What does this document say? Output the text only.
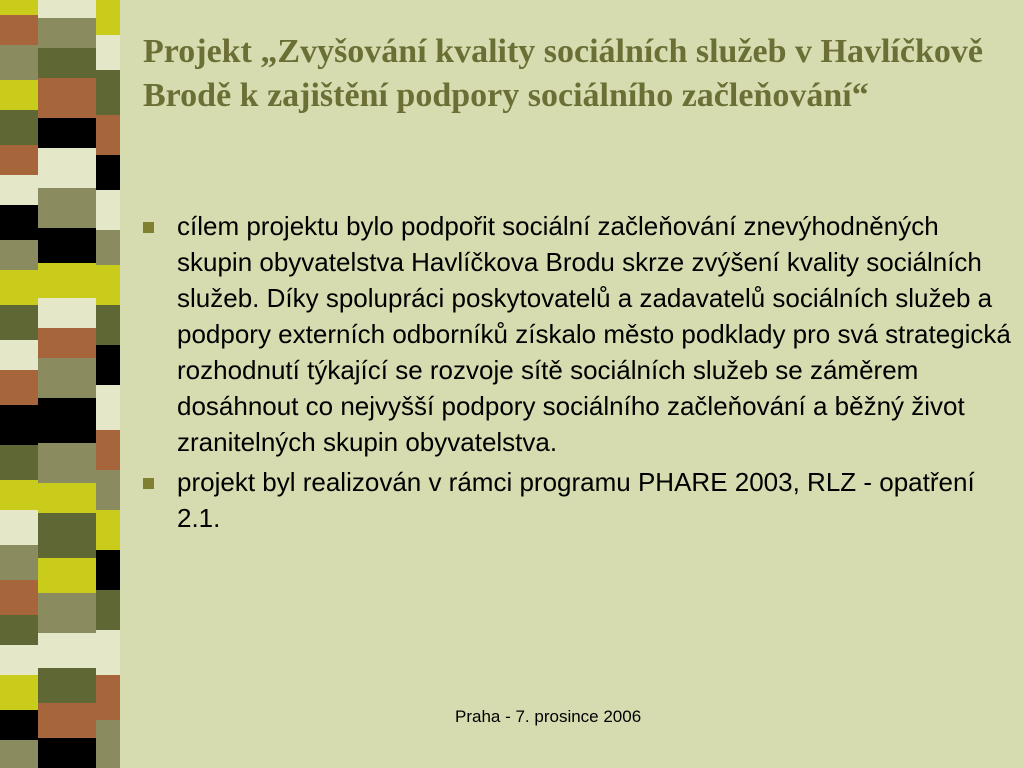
Projekt „Zvyšování kvality sociálních služeb v Havlíčkově Brodě k zajištění podpory sociálního začleňování“
cílem projektu bylo podpořit sociální začleňování znevýhodněných skupin obyvatelstva Havlíčkova Brodu skrze zvýšení kvality sociálních služeb. Díky spolupráci poskytovatelů a zadavatelů sociálních služeb a podpory externích odborníků získalo město podklady pro svá strategická rozhodnutí týkající se rozvoje sítě sociálních služeb se záměrem dosáhnout co nejvyšší podpory sociálního začleňování a běžný život zranitelných skupin obyvatelstva.
projekt byl realizován v rámci programu PHARE 2003, RLZ - opatření 2.1.
Praha - 7. prosince 2006
